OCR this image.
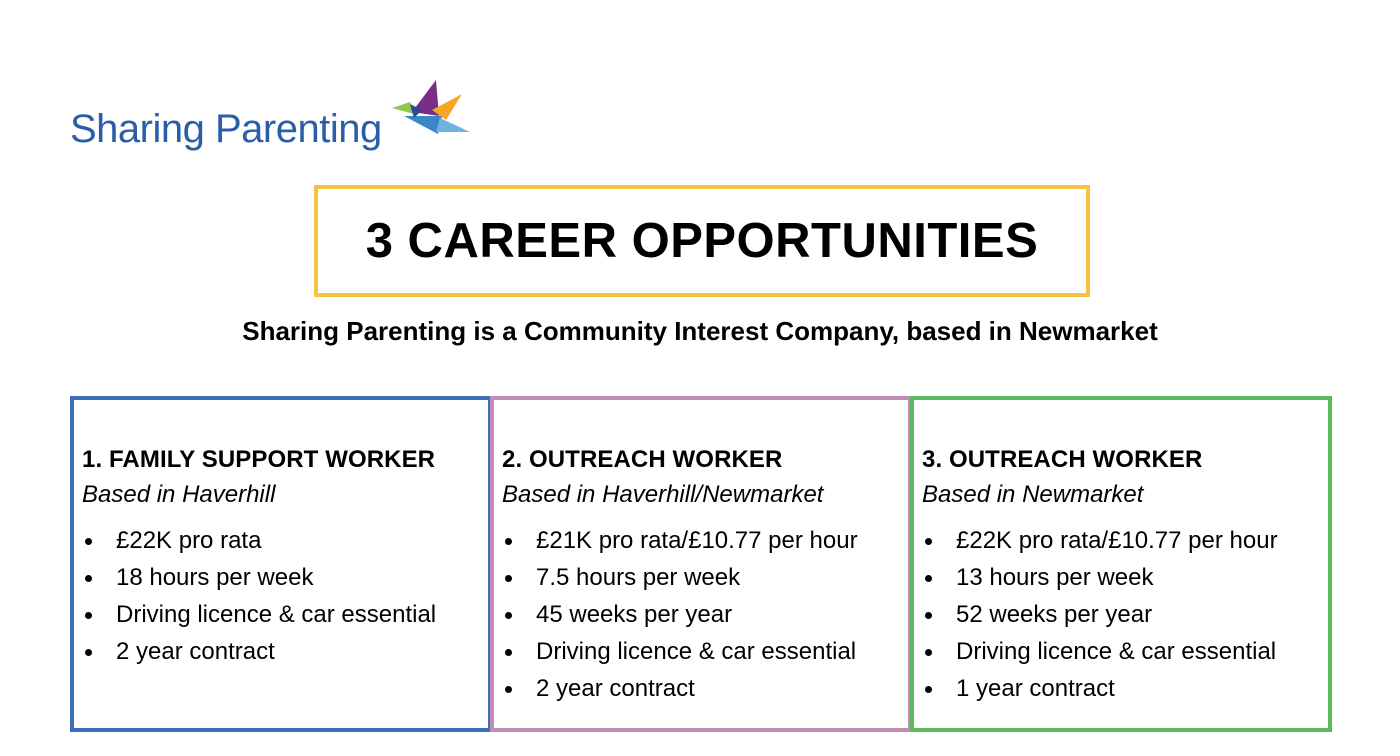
Sharing Parenting
3 CAREER OPPORTUNITIES
Sharing Parenting is a Community Interest Company, based in Newmarket
1. FAMILY SUPPORT WORKER
Based in Haverhill
£22K pro rata
18 hours per week
Driving licence & car essential
2 year contract
2. OUTREACH WORKER
Based in Haverhill/Newmarket
£21K pro rata/£10.77 per hour
7.5 hours per week
45 weeks per year
Driving licence & car essential
2 year contract
3. OUTREACH WORKER
Based in Newmarket
£22K pro rata/£10.77 per hour
13 hours per week
52 weeks per year
Driving licence & car essential
1 year contract
